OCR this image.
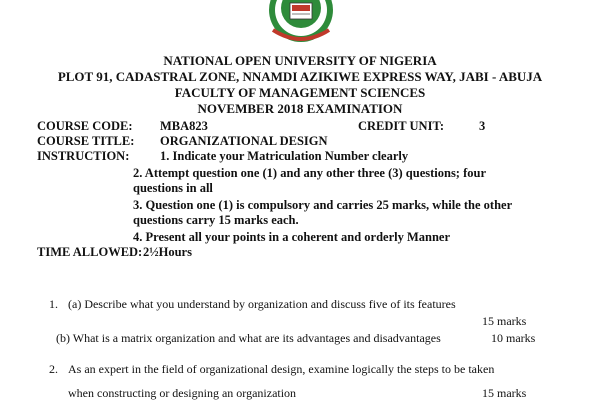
NATIONAL OPEN UNIVERSITY OF NIGERIA
PLOT 91, CADASTRAL ZONE, NNAMDI AZIKIWE EXPRESS WAY, JABI - ABUJA
FACULTY OF MANAGEMENT SCIENCES
NOVEMBER 2018 EXAMINATION
COURSE CODE: MBA823	CREDIT UNIT:	3
COURSE TITLE: ORGANIZATIONAL DESIGN
INSTRUCTION: 1. Indicate your Matriculation Number clearly
2. Attempt question one (1) and any other three (3) questions; four
questions in all
3. Question one (1) is compulsory and carries 25 marks, while the other
questions carry 15 marks each.
4. Present all your points in a coherent and orderly Manner
TIME ALLOWED: 2½Hours
1. (a) Describe what you understand by organization and discuss five of its features
15 marks
(b) What is a matrix organization and what are its advantages and disadvantages	10 marks
2. As an expert in the field of organizational design, examine logically the steps to be taken
when constructing or designing an organization	15 marks
